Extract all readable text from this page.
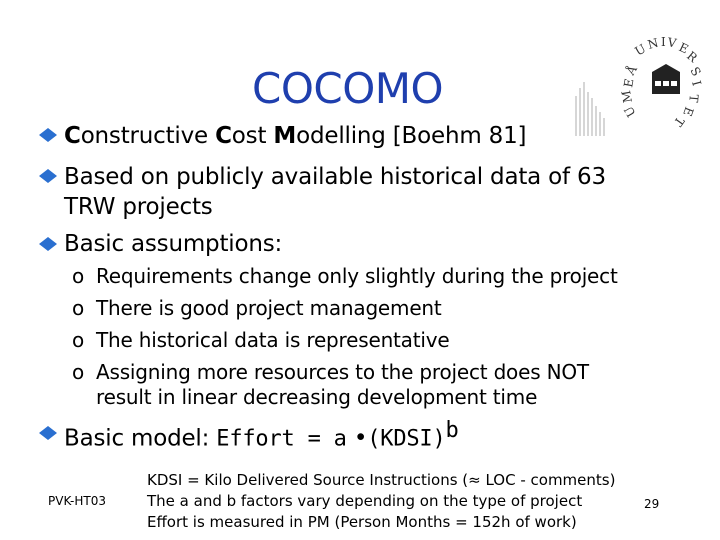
COCOMO
U
N I V E
R
S
I
T
E
T
U
M
E
Å
Constructive Cost Modelling [Boehm 81]
Based on publicly available historical data of 63
TRW projects
Basic assumptions:
o Requirements change only slightly during the project
o There is good project management
o The historical data is representative
o Assigning more resources to the project does NOT
result in linear decreasing development time
Basic model: Effort = a •(KDSI)$^b$
PVK-HT03
KDSI = Kilo Delivered Source Instructions (≈ LOC - comments)
The a and b factors vary depending on the type of project
Effort is measured in PM (Person Months = 152h of work)
29
